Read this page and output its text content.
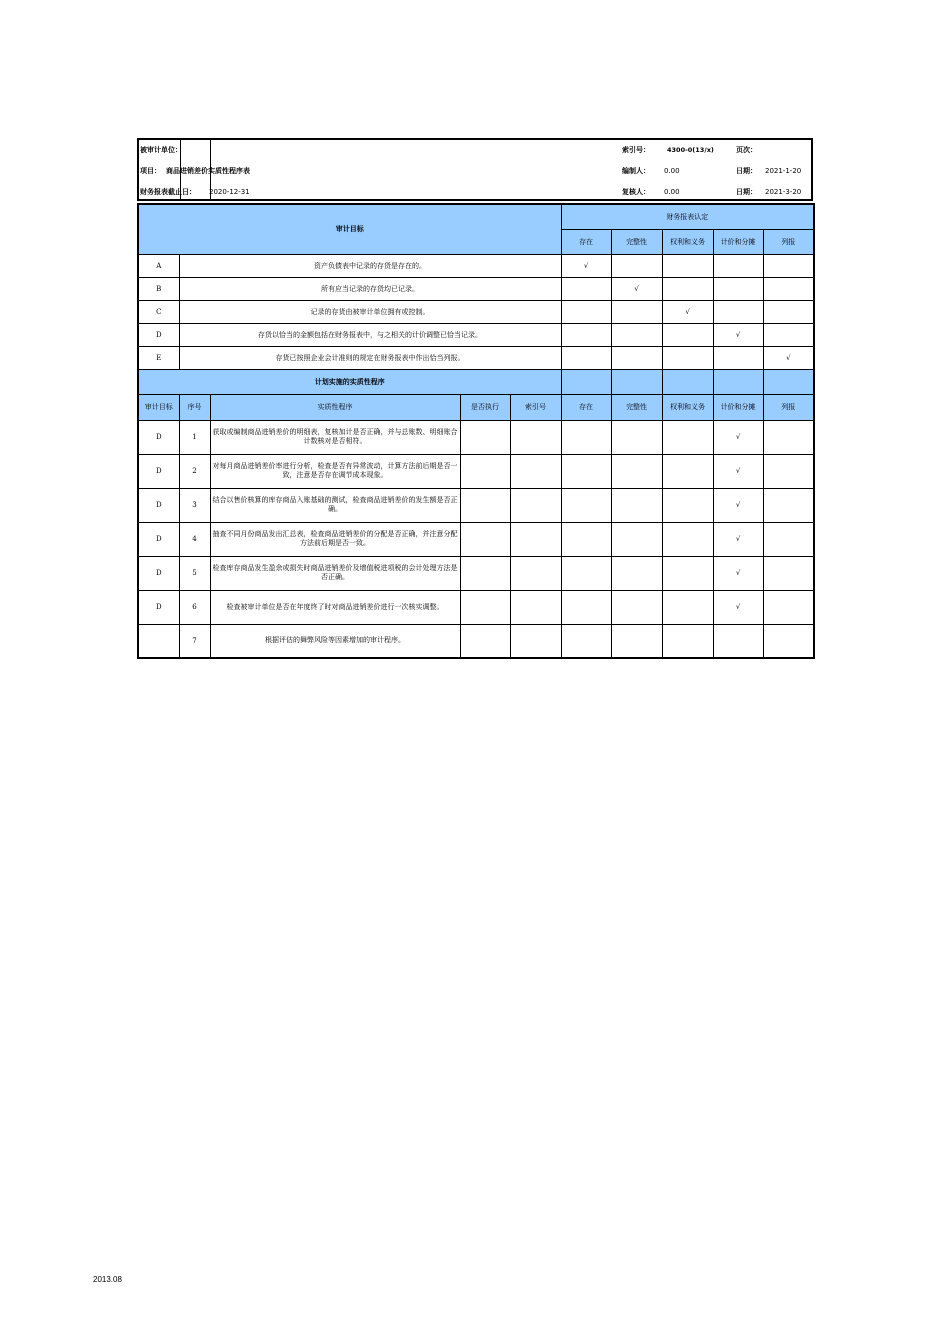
被审计单位：
项目： 商品进销差价实质性程序表
财务报表截止日： 2020-12-31
索引号：	4300-0(13/x)	页次：
编制人： 0.00	日期： 2021-1-20
复核人： 0.00	日期： 2021-3-20
审计目标					财务报表认定				
					存在	完整性	权利和义务	计价和分摊	列报
A	资产负债表中记录的存货是存在的。				√				
B	所有应当记录的存货均已记录。					√			
C	记录的存货由被审计单位拥有或控制。						√		
D	存货以恰当的金额包括在财务报表中，与之相关的计价调整已恰当记录。							√	
E	存货已按照企业会计准则的规定在财务报表中作出恰当列报。								√
计划实施的实质性程序									
审计目标	序号	实质性程序	是否执行	索引号	存在	完整性	权利和义务	计价和分摊	列报
D	1	获取或编制商品进销差价的明细表，复核加计是否正确，并与总账数、明细账合计数核对是否相符。						√	
D	2	对每月商品进销差价率进行分析，检查是否有异常波动，计算方法前后期是否一致，注意是否存在调节成本现象。						√	
D	3	结合以售价核算的库存商品入账基础的测试，检查商品进销差价的发生额是否正确。						√	
D	4	抽查不同月份商品发出汇总表，检查商品进销差价的分配是否正确，并注意分配方法前后期是否一致。						√	
D	5	检查库存商品发生盈余或损失时商品进销差价及增值税进项税的会计处理方法是否正确。						√	
D	6	检查被审计单位是否在年度终了时对商品进销差价进行一次核实调整。						√	
	7	根据评估的舞弊风险等因素增加的审计程序。							
2013.08
